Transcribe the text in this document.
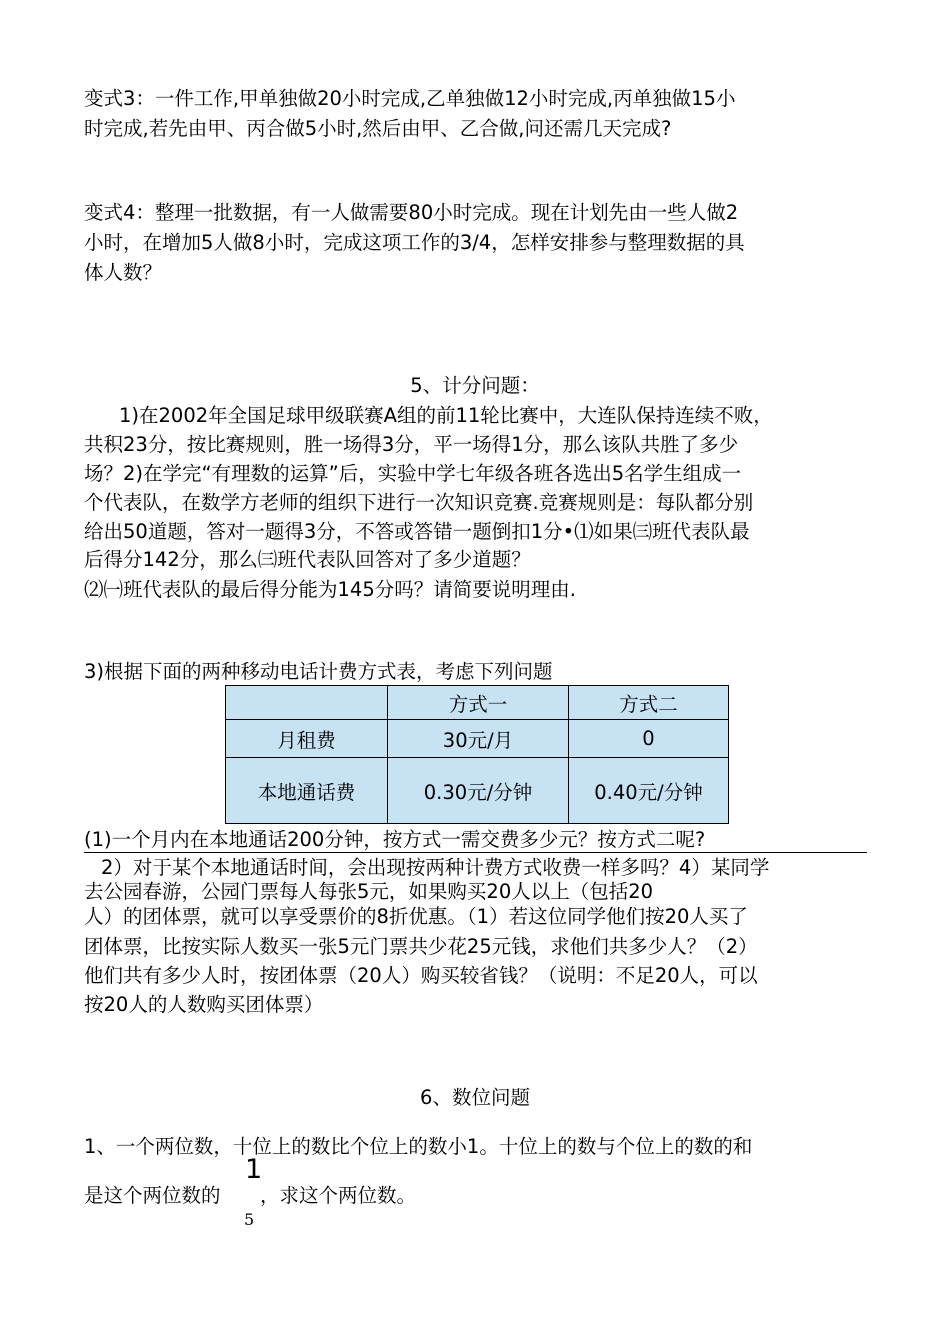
变式3：一件工作,甲单独做20小时完成,乙单独做12小时完成,丙单独做15小
时完成,若先由甲、丙合做5小时,然后由甲、乙合做,问还需几天完成?
变式4：整理一批数据，有一人做需要80小时完成。现在计划先由一些人做2
小时，在增加5人做8小时，完成这项工作的3/4，怎样安排参与整理数据的具
体人数？
5、计分问题：
1)在2002年全国足球甲级联赛A组的前11轮比赛中，大连队保持连续不败，
共积23分，按比赛规则，胜一场得3分，平一场得1分，那么该队共胜了多少
场？2)在学完“有理数的运算”后，实验中学七年级各班各选出5名学生组成一
个代表队，在数学方老师的组织下进行一次知识竞赛.竞赛规则是：每队都分别
给出50道题，答对一题得3分，不答或答错一题倒扣1分•⑴如果㈢班代表队最
后得分142分，那么㈢班代表队回答对了多少道题？
⑵㈠班代表队的最后得分能为145分吗？请简要说明理由.
3)根据下面的两种移动电话计费方式表，考虑下列问题
	方式一	方式二
月租费	30元/月	0
本地通话费	0.30元/分钟	0.40元/分钟
(1)一个月内在本地通话200分钟，按方式一需交费多少元？按方式二呢?
2）对于某个本地通话时间，会出现按两种计费方式收费一样多吗？4）某同学
去公园春游，公园门票每人每张5元，如果购买20人以上（包括20
人）的团体票，就可以享受票价的8折优惠。（1）若这位同学他们按20人买了
团体票，比按实际人数买一张5元门票共少花25元钱，求他们共多少人？（2）
他们共有多少人时，按团体票（20人）购买较省钱？（说明：不足20人，可以
按20人的人数购买团体票）
6、数位问题
1、一个两位数，十位上的数比个位上的数小1。十位上的数与个位上的数的和
是这个两位数的
1
5
，求这个两位数。
